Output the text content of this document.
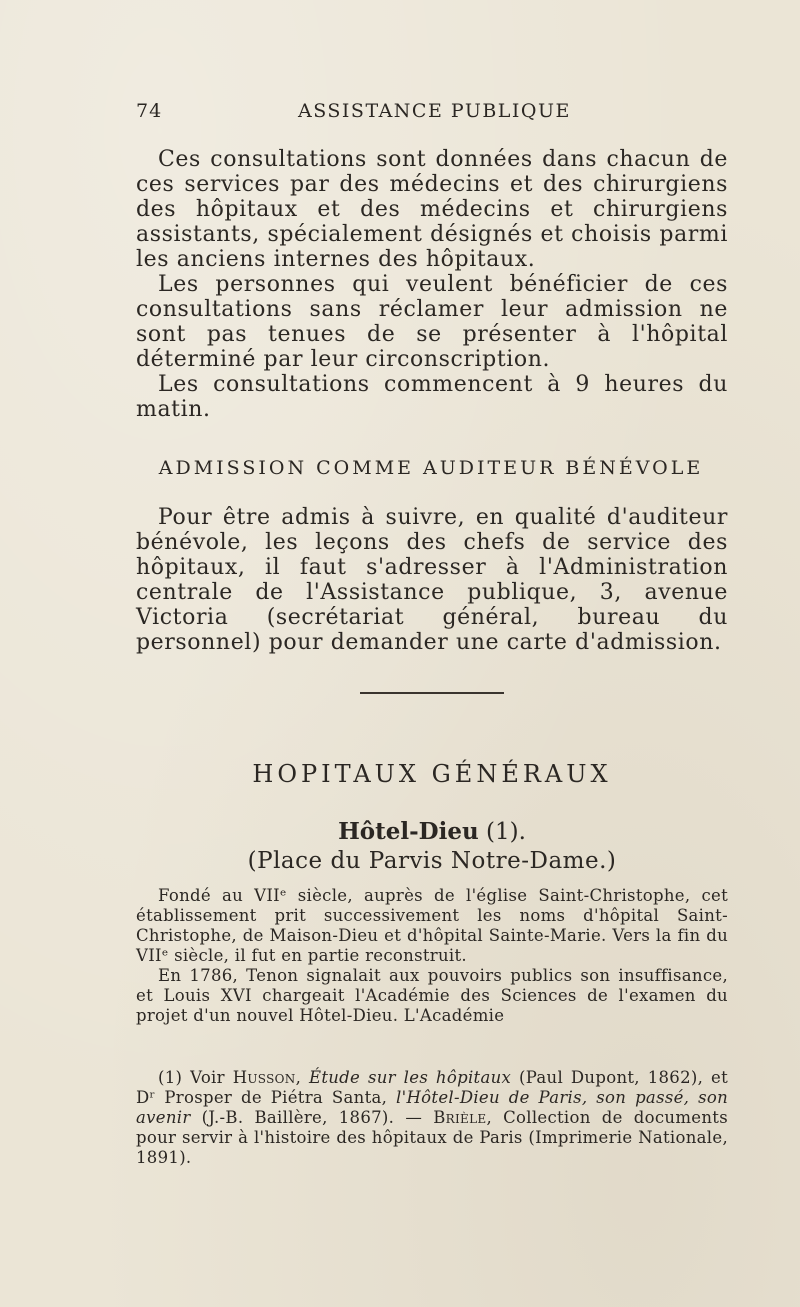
74	ASSISTANCE PUBLIQUE

Ces consultations sont données dans chacun de ces services par des médecins et des chirurgiens des hôpitaux et des médecins et chirurgiens assistants, spécialement désignés et choisis parmi les anciens internes des hôpitaux.

Les personnes qui veulent bénéficier de ces consultations sans réclamer leur admission ne sont pas tenues de se présenter à l'hôpital déterminé par leur circonscription.

Les consultations commencent à 9 heures du matin.

ADMISSION COMME AUDITEUR BÉNÉVOLE

Pour être admis à suivre, en qualité d'auditeur bénévole, les leçons des chefs de service des hôpitaux, il faut s'adresser à l'Administration centrale de l'Assistance publique, 3, avenue Victoria (secrétariat général, bureau du personnel) pour demander une carte d'admission.

HOPITAUX GÉNÉRAUX
Hôtel-Dieu (1).
(Place du Parvis Notre-Dame.)

Fondé au VIIᵉ siècle, auprès de l'église Saint-Christophe, cet établissement prit successivement les noms d'hôpital Saint-Christophe, de Maison-Dieu et d'hôpital Sainte-Marie. Vers la fin du VIIᵉ siècle, il fut en partie reconstruit.

En 1786, Tenon signalait aux pouvoirs publics son insuffisance, et Louis XVI chargeait l'Académie des Sciences de l'examen du projet d'un nouvel Hôtel-Dieu. L'Académie

(1) Voir Husson, Étude sur les hôpitaux (Paul Dupont, 1862), et Dʳ Prosper de Piétra Santa, l'Hôtel-Dieu de Paris, son passé, son avenir (J.-B. Baillère, 1867). — Brièle, Collection de documents pour servir à l'histoire des hôpitaux de Paris (Imprimerie Nationale, 1891).
